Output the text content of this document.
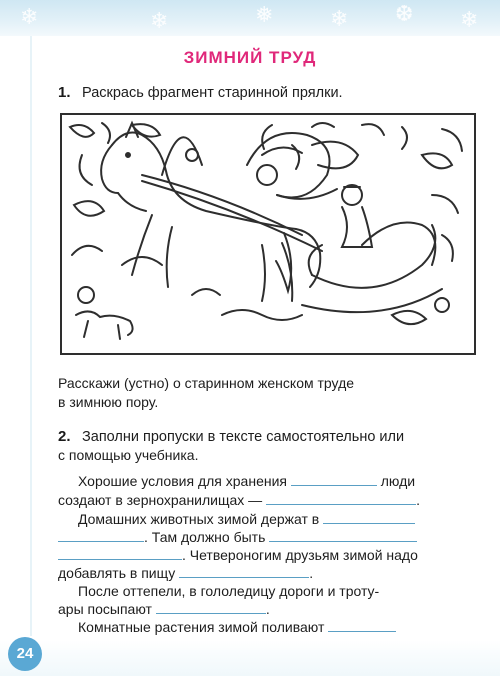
❄	❄	❅	❄ ❆ ❄
ЗИМНИЙ ТРУД
1. Раскрась фрагмент старинной прялки.
Расскажи (устно) о старинном женском труде
в зимнюю пору.
2. Заполни пропуски в тексте самостоятельно или
с помощью учебника.
Хорошие условия для хранения	люди
создают в зернохранилищах —	.
Домашних животных зимой держат в
. Там должно быть
. Четвероногим друзьям зимой надо
добавлять в пищу	.
После оттепели, в гололедицу дороги и троту-
ары посыпают	.
Комнатные растения зимой поливают
24
